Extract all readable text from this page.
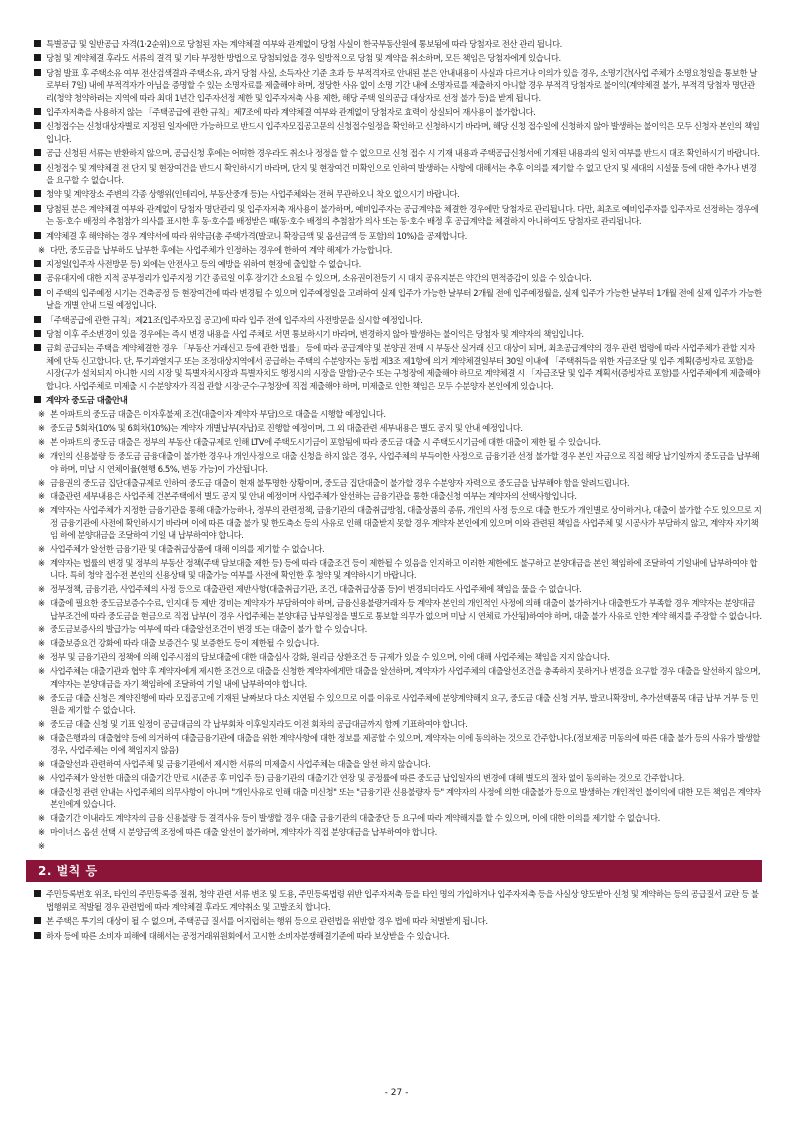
특별공급 및 일반공급 자격(1·2순위)으로 당첨된 자는 계약체결 여부와 관계없이 당첨 사실이 한국부동산원에 통보됨에 따라 당첨자로 전산 관리 됩니다.
당첨 및 계약체결 후라도 서류의 결격 및 기타 부정한 방법으로 당첨되었을 경우 일방적으로 당첨 및 계약을 취소하며, 모든 책임은 당첨자에게 있습니다.
당첨 발표 후 주택소유 여부 전산검색결과 주택소유, 과거 당첨 사실, 소득자산 기준 초과 등 부적격자로 안내된 분은 안내내용이 사실과 다르거나 이의가 있을 경우, 소명기간(사업 주체가 소명요청일을 통보한 날로부터 7일) 내에 부적격자가 아님을 증명할 수 있는 소명자료를 제출해야 하며, 정당한 사유 없이 소명 기간 내에 소명자료를 제출하지 아니할 경우 부적격 당첨자로 불이익(계약체결 불가, 부적격 당첨자 명단관리(청약 청약하려는 지역에 따라 최대 1년간 입주자선정 제한 및 입주자저축 사용 제한, 해당 주택 일의공급 대상자로 선정 불가 등)을 받게 됩니다.
입주자저축을 사용하지 않는 「주택공급에 관한 규칙」제7조에 따라 계약체결 여부와 관계없이 당첨자로 효력이 상실되어 재사용이 불가합니다.
신청접수는 신청대상자별로 지정된 일자에만 가능하므로 반드시 입주자모집공고문의 신청접수일정을 확인하고 신청하시기 바라며, 해당 신청 접수일에 신청하지 않아 발생하는 불이익은 모두 신청자 본인의 책임입니다.
공급 신청된 서류는 반환하지 않으며, 공급신청 후에는 어떠한 경우라도 취소나 정정을 할 수 없으므로 신청 접수 시 기재 내용과 주택공급신청서에 기재된 내용과의 일치 여부를 반드시 대조 확인하시기 바랍니다.
신청접수 및 계약체결 전 단지 및 현장여건을 반드시 확인하시기 바라며, 단지 및 현장여건 미확인으로 인하여 발생하는 사항에 대해서는 추후 이의를 제기할 수 없고 단지 및 세대의 시설물 등에 대한 추가나 변경을 요구할 수 없습니다.
청약 및 계약장소 주변의 각종 상행위(인테리어, 부동산중개 등)는 사업주체와는 전혀 무관하오니 착오 없으시기 바랍니다.
당첨된 분은 계약체결 여부와 관계없이 당첨자 명단관리 및 입주자저축 재사용이 불가하며, 예비입주자는 공급계약을 체결한 경우에만 당첨자로 관리됩니다. 다만, 최초로 예비입주자를 입주자로 선정하는 경우에는 동·호수 배정의 추첨참가 의사를 표시한 후 동·호수를 배정받은 때(동·호수 배정의 추첨참가 의사 또는 동·호수 배정 후 공급계약을 체결하지 아니하여도 당첨자로 관리됩니다.
계약체결 후 해약하는 경우 계약서에 따라 위약금(총 주택가격(발코니 확장금액 및 옵션금액 등 포함)의 10%)을 공제합니다.
※ 다만, 중도금을 납부하도 납부한 후에는 사업주체가 인정하는 경우에 한하여 계약 해제가 가능합니다.
지정일(입주자 사전방문 등) 외에는 안전사고 등의 예방을 위하여 현장에 출입할 수 없습니다.
공유대지에 대한 지적 공부정리가 입주지정 기간 종료일 이후 장기간 소요될 수 있으며, 소유권이전등기 시 대지 공유지분은 약간의 면적증감이 있을 수 있습니다.
이 주택의 입주예정 시기는 건축공정 등 현장여건에 따라 변경될 수 있으며 입주예정일을 고려하여 실제 입주가 가능한 날부터 2개월 전에 입주예정월을, 실제 입주가 가능한 날부터 1개월 전에 실제 입주가 가능한 날을 개별 안내 드릴 예정입니다.
「주택공급에 관한 규칙」제21조(입주자모집 공고)에 따라 입주 전에 입주자의 사전방문을 실시할 예정입니다.
당첨 이후 주소변경이 있을 경우에는 즉시 변경 내용을 사업 주체로 서면 통보하시기 바라며, 변경하지 않아 발생하는 불이익은 당첨자 및 계약자의 책임입니다.
금회 공급되는 주택을 계약체결한 경우 「부동산 거래신고 등에 관한 법률」 등에 따라 공급계약 및 분양권 전매 시 부동산 실거래 신고 대상이 되며, 최초공급계약의 경우 관련 법령에 따라 사업주체가 관할 지자체에 단독 신고합니다. 단, 투기과열지구 또는 조정대상지역에서 공급하는 주택의 수분양자는 동법 제3조 제1항에 의거 계약체결일부터 30일 이내에 「주택취득을 위한 자금조달 및 입주 계획(증빙자료 포함)을 시장(구가 설치되지 아니한 시의 시장 및 특별자치시장과 특별자치도 행정시의 시장을 말함)·군수 또는 구청장에 제출해야 하므로 계약체결 시 「자금조달 및 입주 계획서(증빙자료 포함)를 사업주체에게 제출해야 합니다. 사업주체로 미제출 시 수분양자가 직접 관할 시장·군수·구청장에 직접 제출해야 하며, 미제출로 인한 책임은 모두 수분양자 본인에게 있습니다.
계약자 중도금 대출안내
※ 본 아파트의 중도금 대출은 이자후불제 조건(대출이자 계약자 부담)으로 대출을 시행할 예정입니다.
※ 중도금 5회차(10% 및 6회차(10%)는 계약자 개별납부(자납)로 진행할 예정이며, 그 외 대출관련 세부내용은 별도 공지 및 안내 예정입니다.
※ 본 아파트의 중도금 대출은 정부의 부동산 대출규제로 인해 LTV에 주택도시기금이 포함됨에 따라 중도금 대출 시 주택도시기금에 대한 대출이 제한 될 수 있습니다.
※ 개인의 신용불량 등 중도금 금융대출이 불가한 경우나 개인사정으로 대출 신청을 하지 않은 경우, 사업주체의 부득이한 사정으로 금융기관 선정 불가할 경우 본인 자금으로 직접 해당 납기일까지 중도금을 납부해야 하며, 미납 시 연체이율(현행 6.5%, 변동 가능)이 가산됩니다.
※ 금융권의 중도금 집단대출규제로 인하여 중도금 대출이 현재 불투명한 상황이며, 중도금 집단대출이 불가할 경우 수분양자 자력으로 중도금을 납부해야 함을 알려드립니다.
※ 대출관련 세부내용은 사업주체 건본주택에서 별도 공지 및 안내 예정이며 사업주체가 알선하는 금융기관을 통한 대출신청 여부는 계약자의 선택사항입니다.
※ 계약자는 사업주체가 지정한 금융기관을 통해 대출가능하나, 정부의 관련정책, 금융기관의 대출취급방침, 대출상품의 종류, 개인의 사정 등으로 대출 한도가 개인별로 상이하거나, 대출이 불가할 수도 있으므로 지정 금융기관에 사전에 확인하시기 바라며 이에 따른 대출 불가 및 한도축소 등의 사유로 인해 대출받지 못할 경우 계약자 본인에게 있으며 이와 관련된 책임을 사업주체 및 시공사가 부담하지 않고, 계약자 자기책임 하에 분양대금을 조달하여 기일 내 납부하여야 합니다.
※ 사업주체가 알선한 금융기관 및 대출취급상품에 대해 이의를 제기할 수 없습니다.
※ 계약자는 법률의 변경 및 정부의 부동산 정책(주택 담보대출 제한 등) 등에 따라 대출조건 등이 제한될 수 있음을 인지하고 이러한 제한에도 불구하고 분양대금을 본인 책임하에 조달하여 기일내에 납부하여야 합니다. 특히 청약 접수전 본인의 신용상태 및 대출가능 여부를 사전에 확인한 후 청약 및 계약하시기 바랍니다.
※ 정부정책, 금융기관, 사업주체의 사정 등으로 대출관련 제반사항(대출취급기관, 조건, 대출취급상품 등)이 변경되더라도 사업주체에 책임을 물을 수 없습니다.
※ 대출에 필요한 중도금보증수수료, 인지대 등 제반 경비는 계약자가 부담하여야 하며, 금융신용불량거래자 등 계약자 본인의 개인적인 사정에 의해 대출이 불가하거나 대출한도가 부족할 경우 계약자는 분양대금 납부조건에 따라 중도금을 현금으로 직접 납부(이 경우 사업주체는 분양대금 납부일정을 별도로 통보할 의무가 없으며 미납 시 연체료 가산됨)하여야 하며, 대출 불가 사유로 인한 계약 해지를 주장할 수 없습니다.
※ 중도금보증사의 발급가능 여부에 따라 대출알선조건이 변경 또는 대출이 불가 할 수 있습니다.
※ 대출보증요건 강화에 따라 대출 보증건수 및 보증한도 등이 제한될 수 있습니다.
※ 정부 및 금융기관의 정책에 의해 입주시점의 담보대출에 대한 대출심사 강화, 원리금 상환조건 등 규제가 있을 수 있으며, 이에 대해 사업주체는 책임을 지지 않습니다.
※ 사업주체는 대출기관과 협약 후 계약자에게 제시한 조건으로 대출을 신청한 계약자에게만 대출을 알선하며, 계약자가 사업주체의 대출알선조건을 충족하지 못하거나 변경을 요구할 경우 대출을 알선하지 않으며, 계약자는 분양대금을 자기 책임하에 조달하여 기일 내에 납부하여야 합니다.
※ 중도금 대출 신청은 계약진행에 따라 모집공고에 기재된 날짜보다 다소 지연될 수 있으므로 이를 이유로 사업주체에 분양계약해지 요구, 중도금 대출 신청 거부, 발코니확장비, 추가선택품목 대금 납부 거부 등 민원을 제기할 수 없습니다.
※ 중도금 대출 신청 및 기표 일정이 공급대금의 각 납부회차 이후일지라도 이전 회차의 공급대금까지 함께 기표하여야 합니다.
※ 대출은행과의 대출협약 등에 의거하여 대출금융기관에 대출을 위한 계약사항에 대한 정보를 제공할 수 있으며, 계약자는 이에 동의하는 것으로 간주합니다.(정보제공 미동의에 따른 대출 불가 등의 사유가 발생할 경우, 사업주체는 이에 책임지지 않음)
※ 대출알선과 관련하여 사업주체 및 금융기관에서 제시한 서류의 미제출시 사업주체는 대출을 알선 하지 않습니다.
※ 사업주체가 알선한 대출의 대출기간 만료 시(준공 후 미입주 등) 금융기관의 대출기간 연장 및 공정률에 따른 중도금 납입일자의 변경에 대해 별도의 절차 없이 동의하는 것으로 간주합니다.
※ 대출신청 관련 안내는 사업주체의 의무사항이 아니며 "개인사유로 인해 대출 미신청" 또는 "금융기관 신용불량자 등" 계약자의 사정에 의한 대출불가 등으로 발생하는 개인적인 불이익에 대한 모든 책임은 계약자 본인에게 있습니다.
※ 대출기간 이내라도 계약자의 금융 신용불량 등 결격사유 등이 발생할 경우 대출 금융기관의 대출중단 등 요구에 따라 계약해지를 할 수 있으며, 이에 대한 이의를 제기할 수 없습니다.
※ 마이너스 옵션 선택 시 분양금액 조정에 따른 대출 알선이 불가하며, 계약자가 직접 분양대금을 납부하여야 합니다.
※
2. 벌칙 등
주민등록번호 위조, 타인의 주민등록증 절취, 청약 관련 서류 변조 및 도용, 주민등록법령 위반 입주자저축 등을 타인 명의 가입하거나 입주자저축 등을 사실상 양도받아 신청 및 계약하는 등의 공급질서 교란 등 불법행위로 적발될 경우 관련법에 따라 계약체결 후라도 계약취소 및 고발조치 합니다.
본 주택은 투기의 대상이 될 수 없으며, 주택공급 질서를 어지럽히는 행위 등으로 관련법을 위반할 경우 법에 따라 처벌받게 됩니다.
하자 등에 따른 소비자 피해에 대해서는 공정거래위원회에서 고시한 소비자분쟁해결기준에 따라 보상받을 수 있습니다.
- 27 -
